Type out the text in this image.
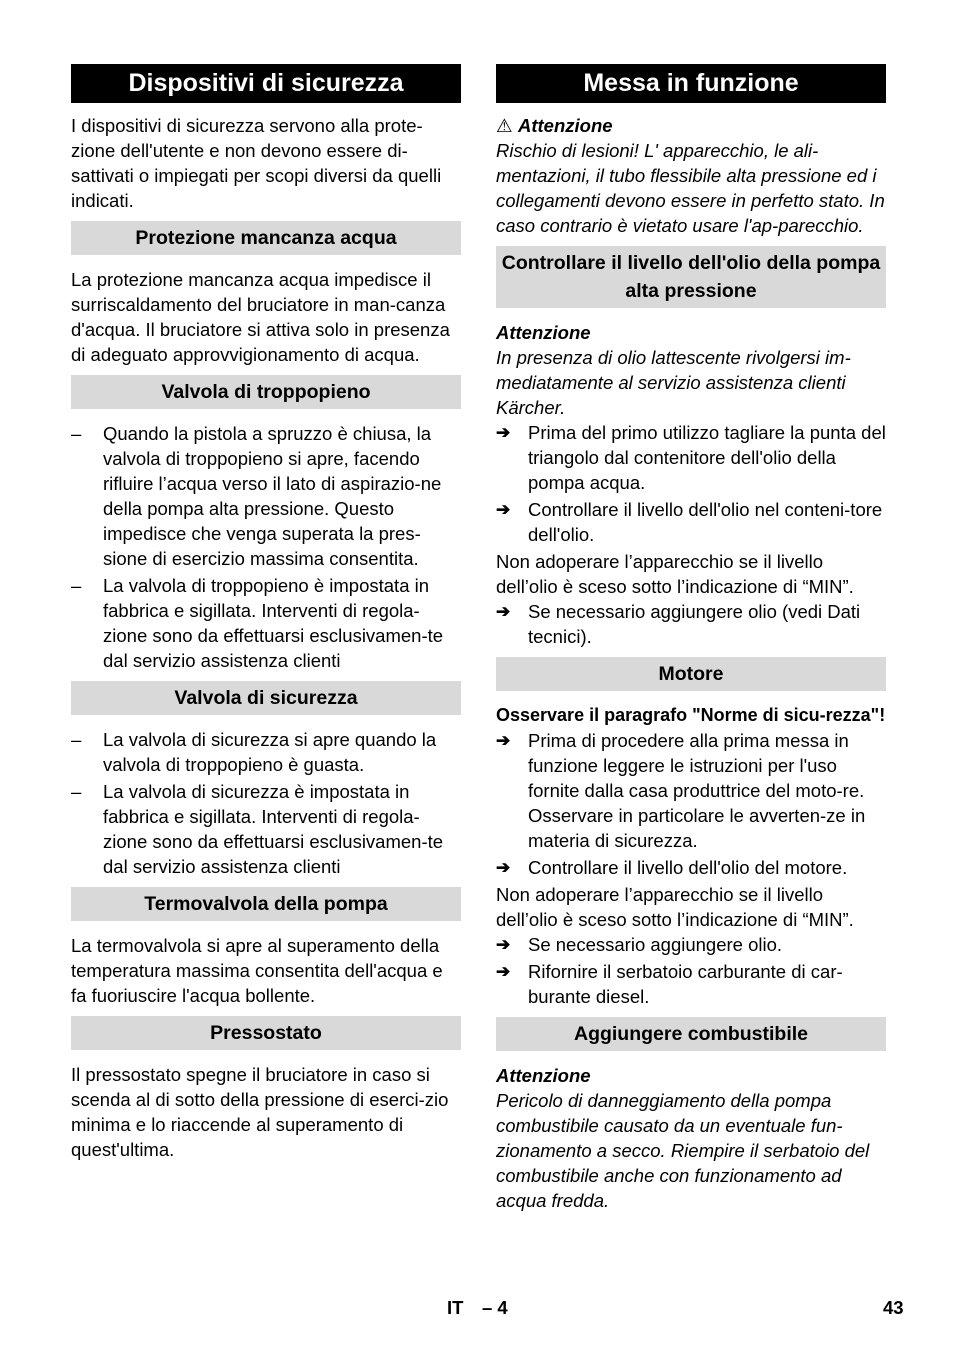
Dispositivi di sicurezza

I dispositivi di sicurezza servono alla prote-zione dell'utente e non devono essere di-sattivati o impiegati per scopi diversi da quelli indicati.

Protezione mancanza acqua

La protezione mancanza acqua impedisce il surriscaldamento del bruciatore in man-canza d'acqua. Il bruciatore si attiva solo in presenza di adeguato approvvigionamento di acqua.

Valvola di troppopieno
–	Quando la pistola a spruzzo è chiusa, la valvola di troppopieno si apre, facendo rifluire l’acqua verso il lato di aspirazio-ne della pompa alta pressione. Questo impedisce che venga superata la pres-sione di esercizio massima consentita.
–	La valvola di troppopieno è impostata in fabbrica e sigillata. Interventi di regola-zione sono da effettuarsi esclusivamen-te dal servizio assistenza clienti
Valvola di sicurezza
–	La valvola di sicurezza si apre quando la valvola di troppopieno è guasta.
–	La valvola di sicurezza è impostata in fabbrica e sigillata. Interventi di regola-zione sono da effettuarsi esclusivamen-te dal servizio assistenza clienti
Termovalvola della pompa

La termovalvola si apre al superamento della temperatura massima consentita dell'acqua e fa fuoriuscire l'acqua bollente.

Pressostato

Il pressostato spegne il bruciatore in caso si scenda al di sotto della pressione di eserci-zio minima e lo riaccende al superamento di quest'ultima.

Messa in funzione
⚠ Attenzione

Rischio di lesioni! L' apparecchio, le ali-mentazioni, il tubo flessibile alta pressione ed i collegamenti devono essere in perfetto stato. In caso contrario è vietato usare l'ap-parecchio.

Controllare il livello dell'olio della pompa alta pressione
Attenzione

In presenza di olio lattescente rivolgersi im-mediatamente al servizio assistenza clienti Kärcher.

➔ Prima del primo utilizzo tagliare la punta del triangolo dal contenitore dell'olio della pompa acqua.
➔ Controllare il livello dell'olio nel conteni-tore dell'olio.

Non adoperare l’apparecchio se il livello dell’olio è sceso sotto l’indicazione di “MIN”.

➔ Se necessario aggiungere olio (vedi Dati tecnici).
Motore
Osservare il paragrafo "Norme di sicu-rezza"!
➔ Prima di procedere alla prima messa in funzione leggere le istruzioni per l'uso fornite dalla casa produttrice del moto-re. Osservare in particolare le avverten-ze in materia di sicurezza.
➔ Controllare il livello dell'olio del motore.

Non adoperare l’apparecchio se il livello dell’olio è sceso sotto l’indicazione di “MIN”.

➔ Se necessario aggiungere olio.
➔ Rifornire il serbatoio carburante di car-burante diesel.
Aggiungere combustibile
Attenzione

Pericolo di danneggiamento della pompa combustibile causato da un eventuale fun-zionamento a secco. Riempire il serbatoio del combustibile anche con funzionamento ad acqua fredda.

IT – 4	43
